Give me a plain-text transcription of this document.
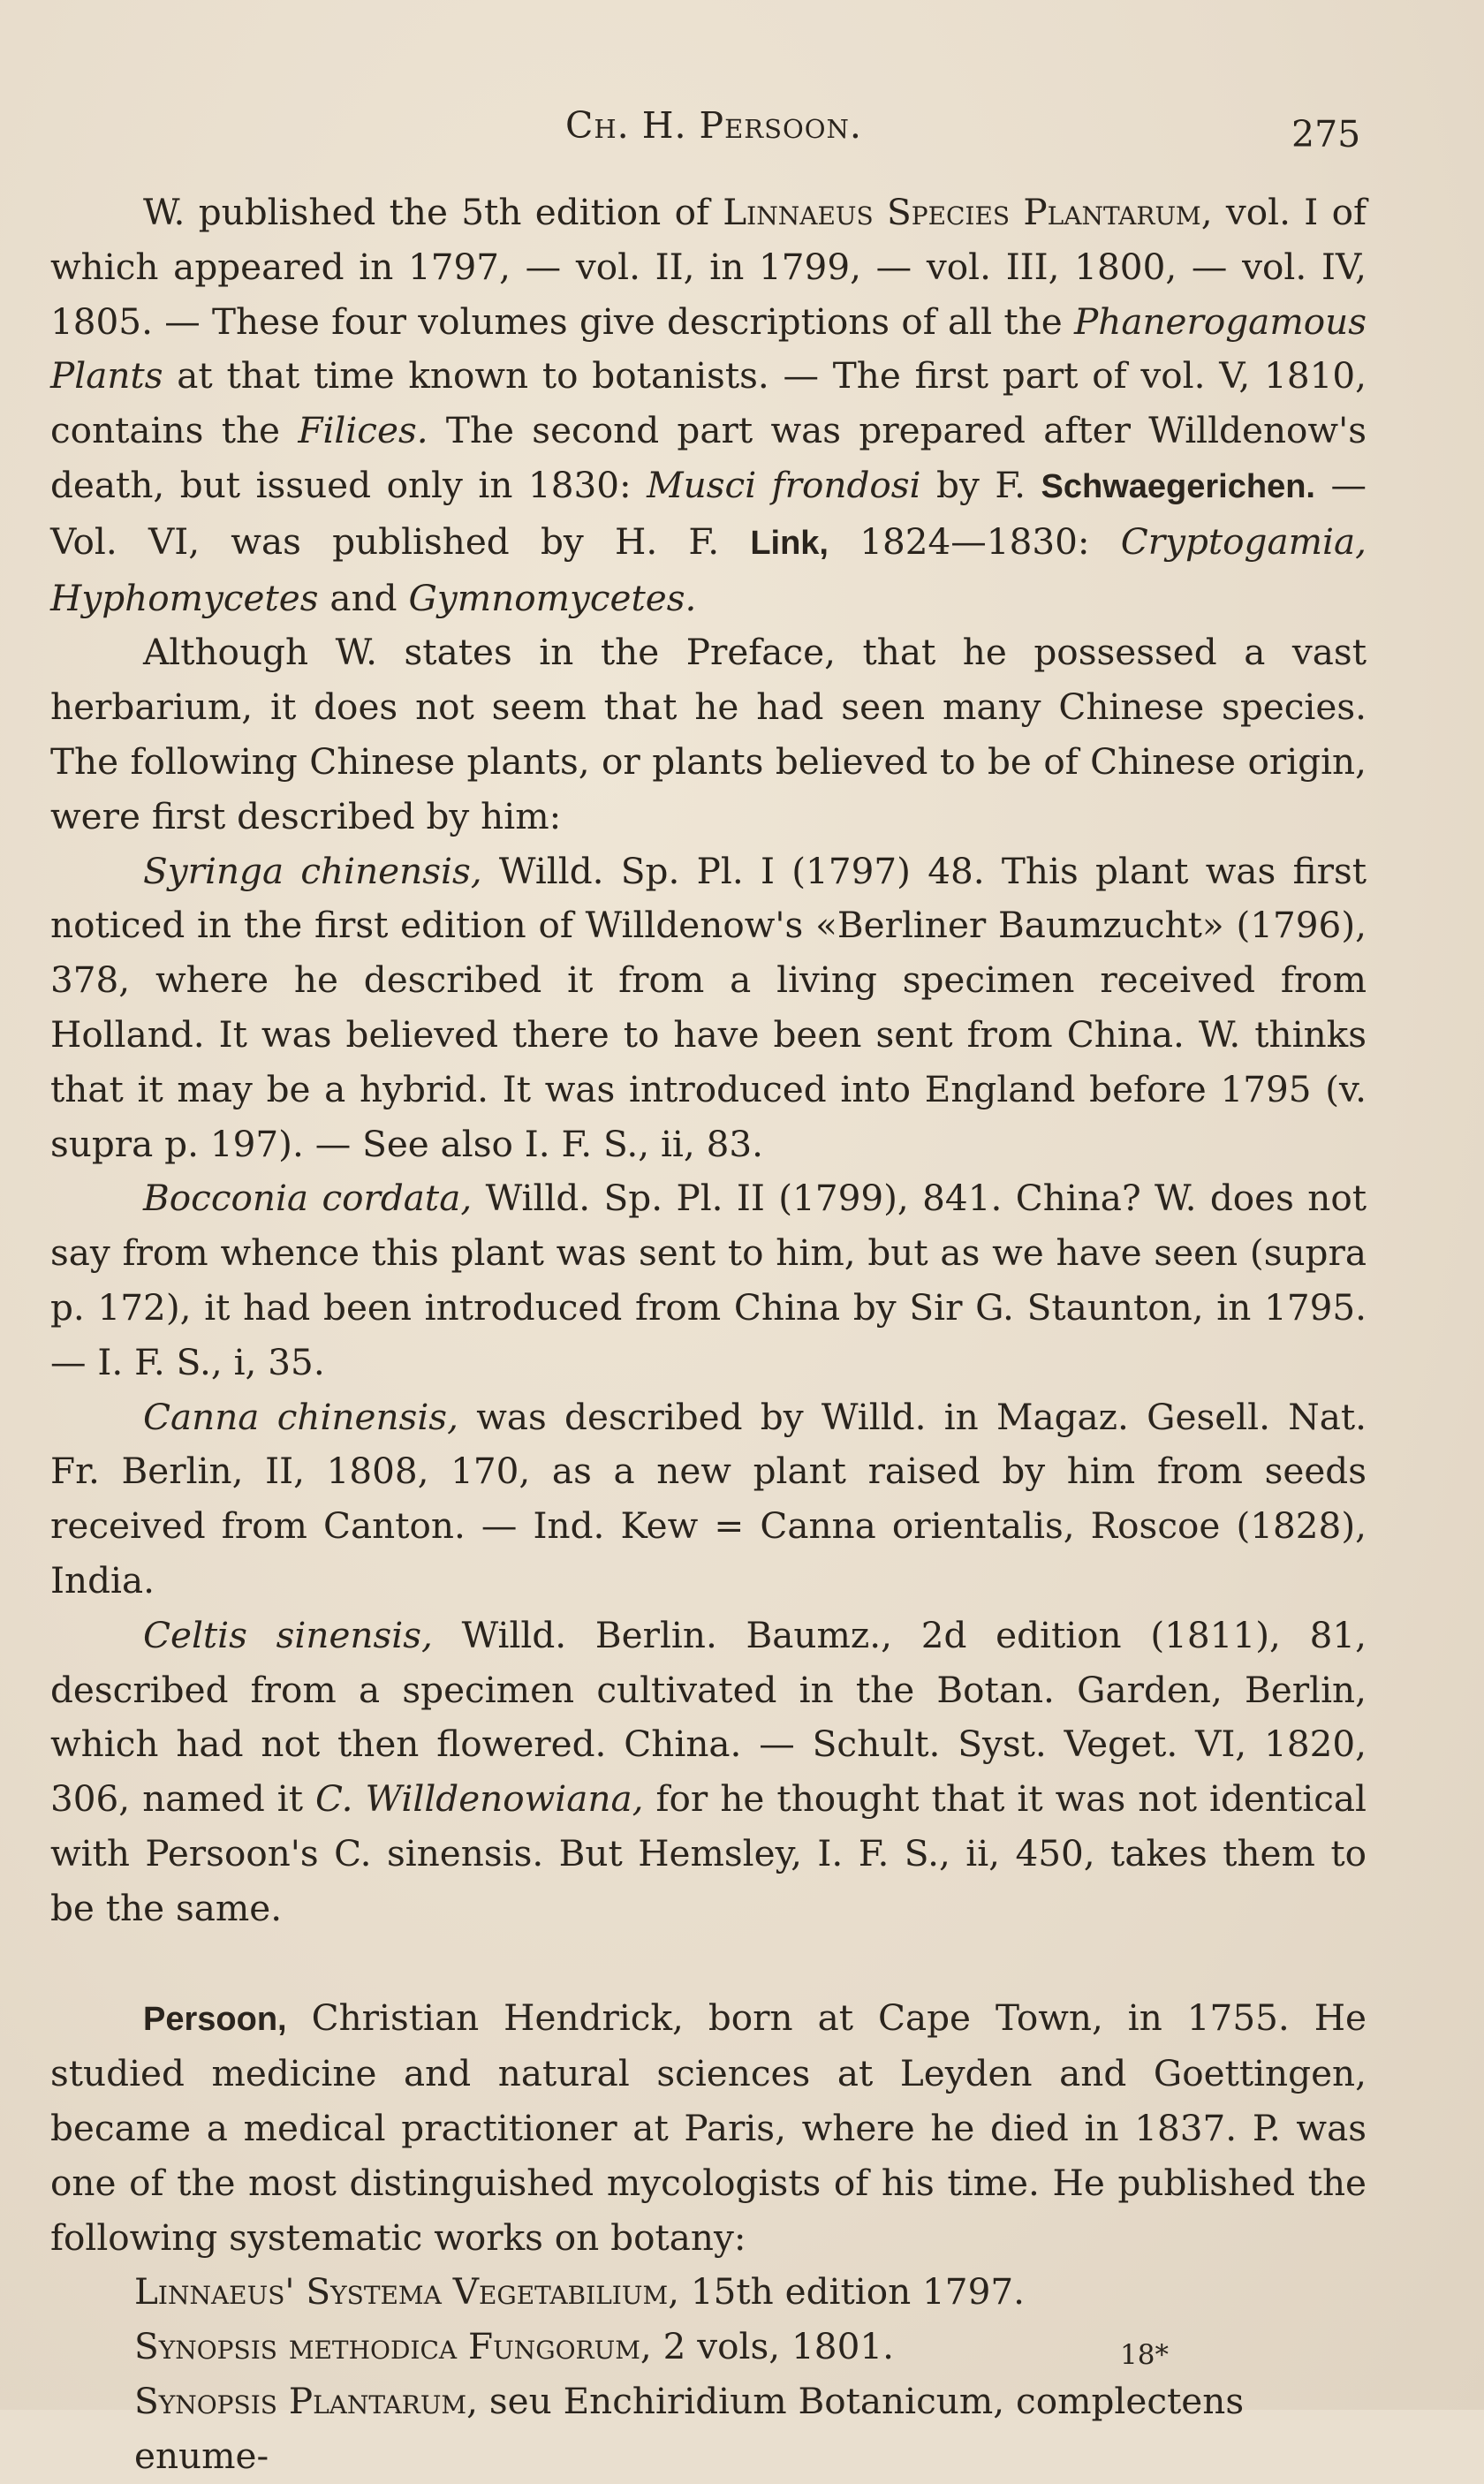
Ch. H. Persoon.	275

W. published the 5th edition of Linnaeus Species Plantarum, vol. I of which appeared in 1797, — vol. II, in 1799, — vol. III, 1800, — vol. IV, 1805. — These four volumes give descriptions of all the Phanerogamous Plants at that time known to botanists. — The first part of vol. V, 1810, contains the Filices. The second part was prepared after Willdenow's death, but issued only in 1830: Musci frondosi by F. Schwaegerichen. — Vol. VI, was published by H. F. Link, 1824—1830: Cryptogamia, Hyphomycetes and Gymnomycetes.

Although W. states in the Preface, that he possessed a vast herbarium, it does not seem that he had seen many Chinese species. The following Chinese plants, or plants believed to be of Chinese origin, were first described by him:

Syringa chinensis, Willd. Sp. Pl. I (1797) 48. This plant was first noticed in the first edition of Willdenow's «Berliner Baumzucht» (1796), 378, where he described it from a living specimen received from Holland. It was believed there to have been sent from China. W. thinks that it may be a hybrid. It was introduced into England before 1795 (v. supra p. 197). — See also I. F. S., ii, 83.

Bocconia cordata, Willd. Sp. Pl. II (1799), 841. China? W. does not say from whence this plant was sent to him, but as we have seen (supra p. 172), it had been introduced from China by Sir G. Staunton, in 1795.— I. F. S., i, 35.

Canna chinensis, was described by Willd. in Magaz. Gesell. Nat. Fr. Berlin, II, 1808, 170, as a new plant raised by him from seeds received from Canton. — Ind. Kew = Canna orientalis, Roscoe (1828), India.

Celtis sinensis, Willd. Berlin. Baumz., 2d edition (1811), 81, described from a specimen cultivated in the Botan. Garden, Berlin, which had not then flowered. China. — Schult. Syst. Veget. VI, 1820, 306, named it C. Willdenowiana, for he thought that it was not identical with Persoon's C. sinensis. But Hemsley, I. F. S., ii, 450, takes them to be the same.

Persoon, Christian Hendrick, born at Cape Town, in 1755. He studied medicine and natural sciences at Leyden and Goettingen, became a medical practitioner at Paris, where he died in 1837. P. was one of the most distinguished mycologists of his time. He published the following systematic works on botany:

Linnaeus' Systema Vegetabilium, 15th edition 1797.

Synopsis methodica Fungorum, 2 vols, 1801.

Synopsis Plantarum, seu Enchiridium Botanicum, complectens enume-

18*
